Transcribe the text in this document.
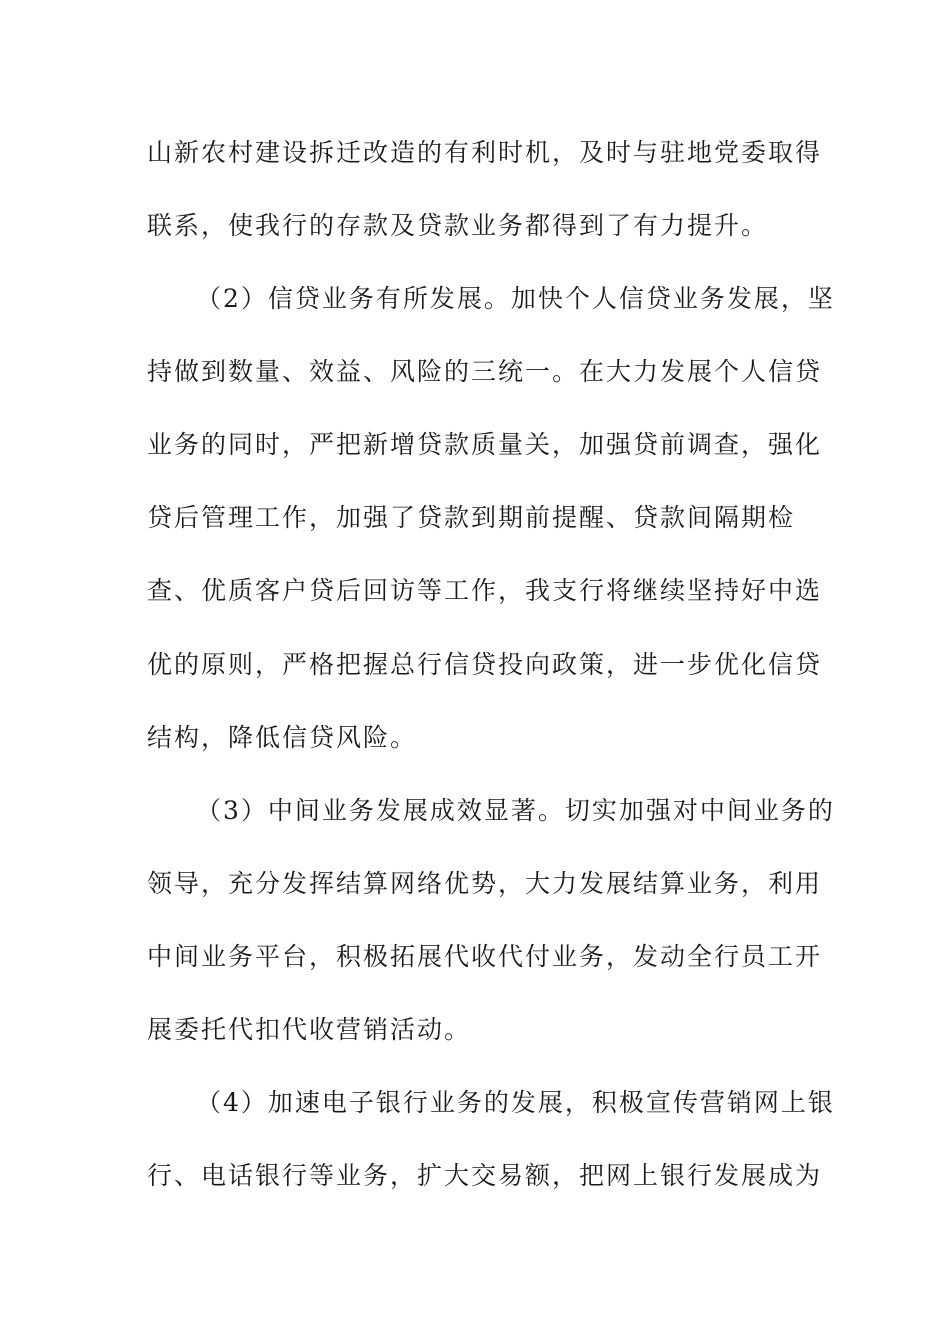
山新农村建设拆迁改造的有利时机，及时与驻地党委取得
联系，使我行的存款及贷款业务都得到了有力提升。
（2）信贷业务有所发展。加快个人信贷业务发展，坚
持做到数量、效益、风险的三统一。在大力发展个人信贷
业务的同时，严把新增贷款质量关，加强贷前调查，强化
贷后管理工作，加强了贷款到期前提醒、贷款间隔期检
查、优质客户贷后回访等工作，我支行将继续坚持好中选
优的原则，严格把握总行信贷投向政策，进一步优化信贷
结构，降低信贷风险。
（3）中间业务发展成效显著。切实加强对中间业务的
领导，充分发挥结算网络优势，大力发展结算业务，利用
中间业务平台，积极拓展代收代付业务，发动全行员工开
展委托代扣代收营销活动。
（4）加速电子银行业务的发展，积极宣传营销网上银
行、电话银行等业务，扩大交易额，把网上银行发展成为
